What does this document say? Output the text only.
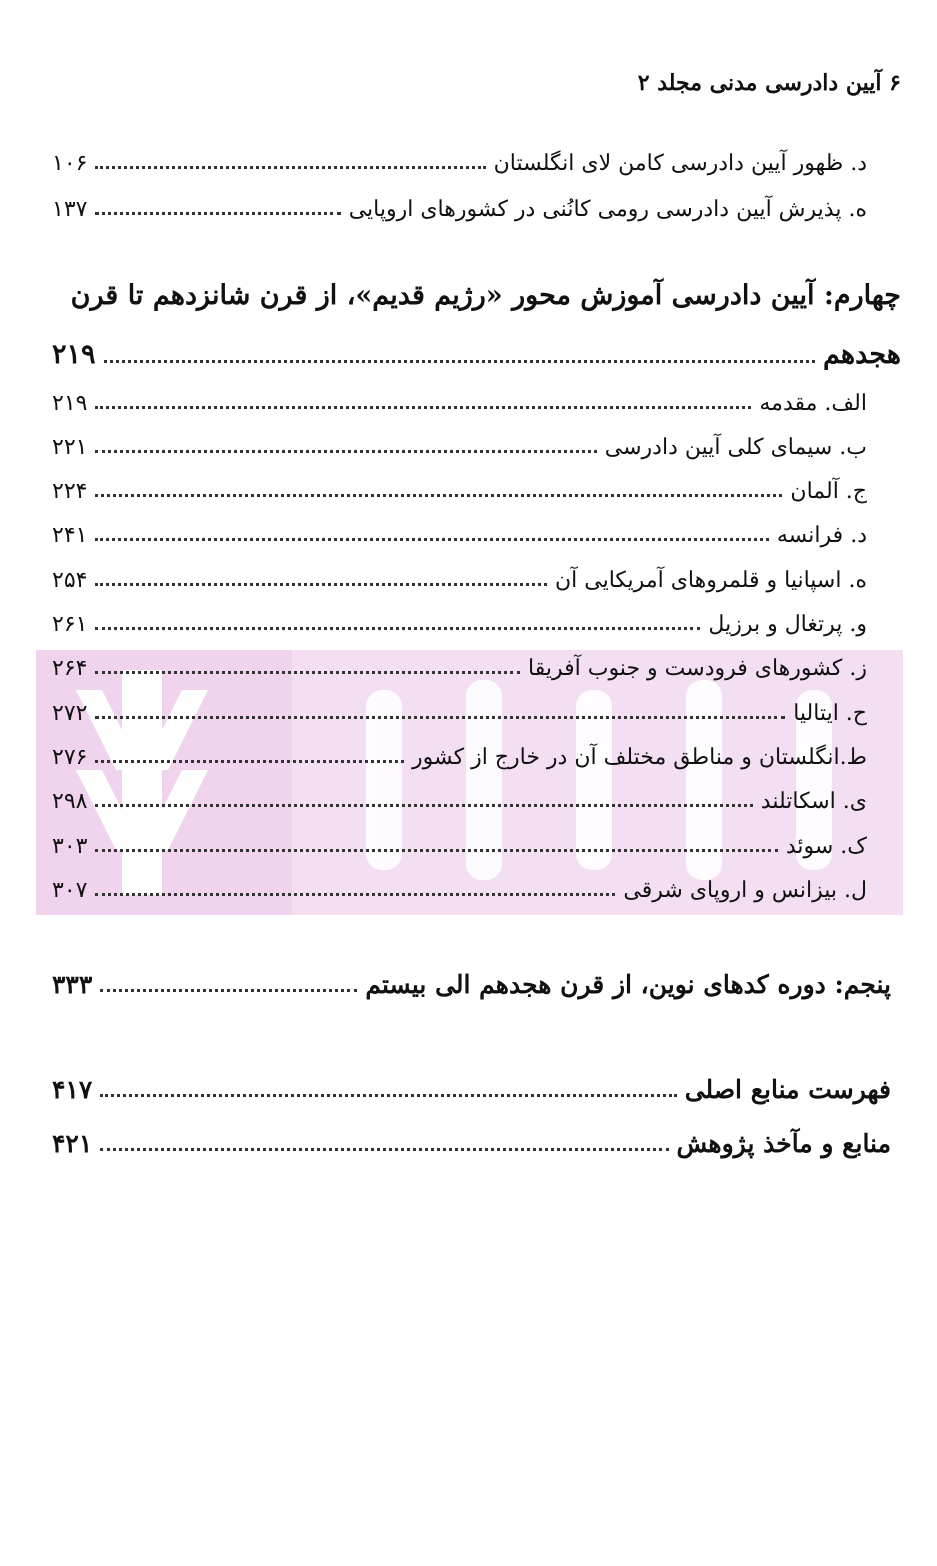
۶ آیین دادرسی مدنی مجلد ۲
د. ظهور آیین دادرسی کامن لای انگلستان
۱۰۶
ه. پذیرش آیین دادرسی رومی کانُنی در کشورهای اروپایی
۱۳۷
چهارم: آیین دادرسی آموزش محور «رژیم قدیم»، از قرن شانزدهم تا قرن
هجدهم
۲۱۹
الف. مقدمه
۲۱۹
ب. سیمای کلی آیین دادرسی
۲۲۱
ج. آلمان
۲۲۴
د. فرانسه
۲۴۱
ه. اسپانیا و قلمروهای آمریکایی آن
۲۵۴
و. پرتغال و برزیل
۲۶۱
ز. کشورهای فرودست و جنوب آفریقا
۲۶۴
ح. ایتالیا
۲۷۲
ط.انگلستان و مناطق مختلف آن در خارج از کشور
۲۷۶
ی. اسکاتلند
۲۹۸
ک. سوئد
۳۰۳
ل. بیزانس و اروپای شرقی
۳۰۷
پنجم: دوره کدهای نوین، از قرن هجدهم الی بیستم
۳۳۳
فهرست منابع اصلی
۴۱۷
منابع و مآخذ پژوهش
۴۲۱
